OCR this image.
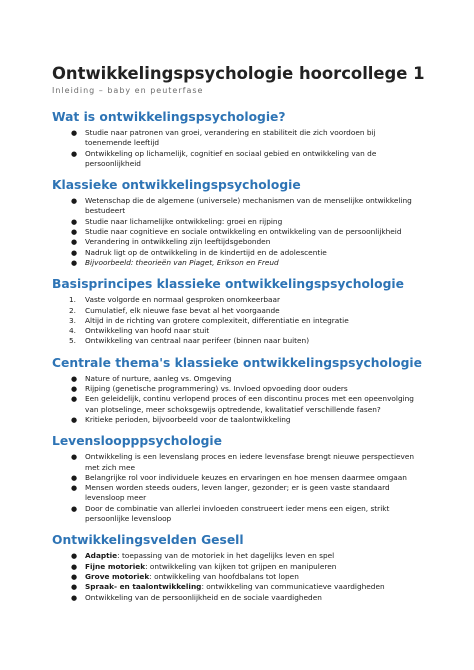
Ontwikkelingspsychologie hoorcollege 1

Inleiding – baby en peuterfase

Wat is ontwikkelingspsychologie?
● Studie naar patronen van groei, verandering en stabiliteit die zich voordoen bij toenemende leeftijd
● Ontwikkeling op lichamelijk, cognitief en sociaal gebied en ontwikkeling van de persoonlijkheid
Klassieke ontwikkelingspsychologie
● Wetenschap die de algemene (universele) mechanismen van de menselijke ontwikkeling bestudeert
● Studie naar lichamelijke ontwikkeling: groei en rijping
● Studie naar cognitieve en sociale ontwikkeling en ontwikkeling van de persoonlijkheid
● Verandering in ontwikkeling zijn leeftijdsgebonden
● Nadruk ligt op de ontwikkeling in de kindertijd en de adolescentie
● Bijvoorbeeld: theorieën van Piaget, Erikson en Freud
Basisprincipes klassieke ontwikkelingspsychologie
1. Vaste volgorde en normaal gesproken onomkeerbaar
2. Cumulatief, elk nieuwe fase bevat al het voorgaande
3. Altijd in de richting van grotere complexiteit, differentiatie en integratie
4. Ontwikkeling van hoofd naar stuit
5. Ontwikkeling van centraal naar perifeer (binnen naar buiten)
Centrale thema's klassieke ontwikkelingspsychologie
● Nature of nurture, aanleg vs. Omgeving
● Rijping (genetische programmering) vs. Invloed opvoeding door ouders
● Een geleidelijk, continu verlopend proces of een discontinu proces met een opeenvolging van plotselinge, meer schoksgewijs optredende, kwalitatief verschillende fasen?
● Kritieke perioden, bijvoorbeeld voor de taalontwikkeling
Levensloopppsychologie
● Ontwikkeling is een levenslang proces en iedere levensfase brengt nieuwe perspectieven met zich mee
● Belangrijke rol voor individuele keuzes en ervaringen en hoe mensen daarmee omgaan
● Mensen worden steeds ouders, leven langer, gezonder; er is geen vaste standaard levensloop meer
● Door de combinatie van allerlei invloeden construeert ieder mens een eigen, strikt persoonlijke levensloop
Ontwikkelingsvelden Gesell
● Adaptie: toepassing van de motoriek in het dagelijks leven en spel
● Fijne motoriek: ontwikkeling van kijken tot grijpen en manipuleren
● Grove motoriek: ontwikkeling van hoofdbalans tot lopen
● Spraak- en taalontwikkeling: ontwikkeling van communicatieve vaardigheden
● Ontwikkeling van de persoonlijkheid en de sociale vaardigheden
